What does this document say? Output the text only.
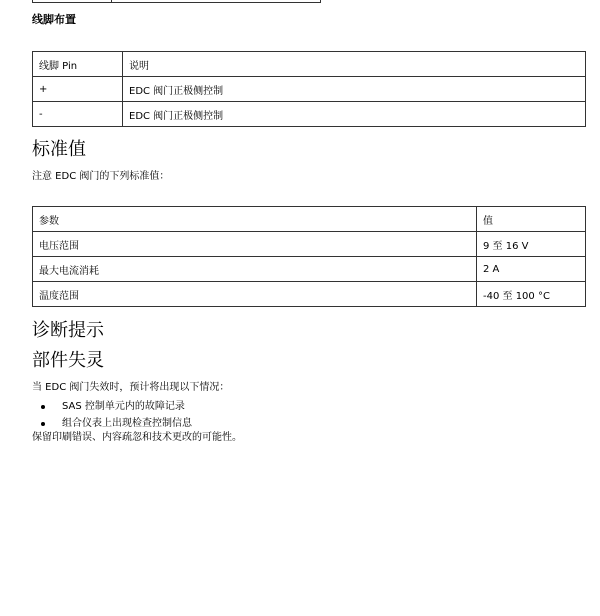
线脚布置
线脚 Pin	说明
+	EDC 阀门正极侧控制
-	EDC 阀门正极侧控制
标准值
注意 EDC 阀门的下列标准值：
参数	值
电压范围	9 至 16 V
最大电流消耗	2 A
温度范围	-40 至 100 °C
诊断提示
部件失灵
当 EDC 阀门失效时，预计将出现以下情况：
SAS 控制单元内的故障记录
组合仪表上出现检查控制信息
保留印刷错误、内容疏忽和技术更改的可能性。
